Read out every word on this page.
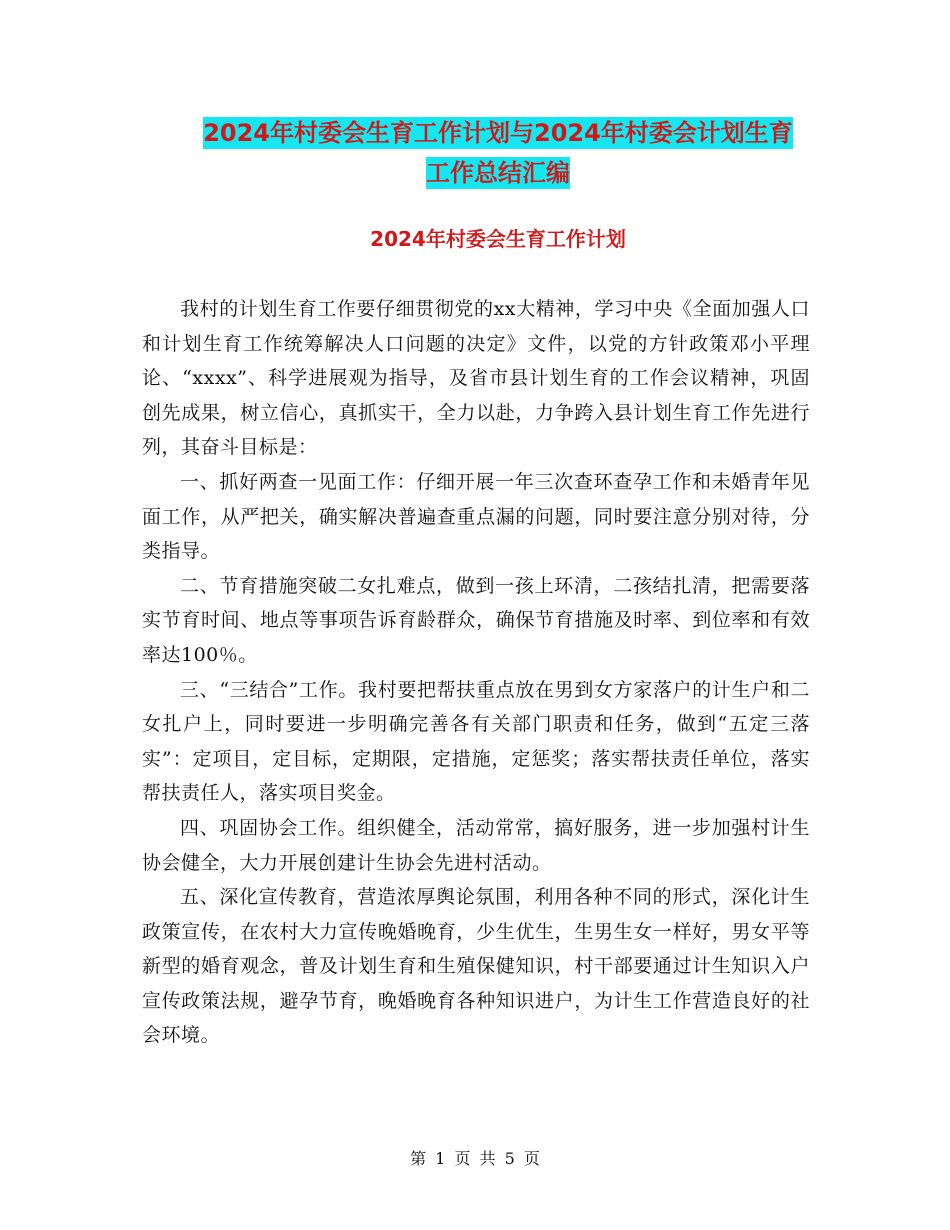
2024年村委会生育工作计划与2024年村委会计划生育
工作总结汇编
2024年村委会生育工作计划

我村的计划生育工作要仔细贯彻党的xx大精神，学习中央《全面加强人口和计划生育工作统筹解决人口问题的决定》文件，以党的方针政策邓小平理论、“xxxx”、科学进展观为指导，及省市县计划生育的工作会议精神，巩固创先成果，树立信心，真抓实干，全力以赴，力争跨入县计划生育工作先进行列，其奋斗目标是：

一、抓好两查一见面工作：仔细开展一年三次查环查孕工作和未婚青年见面工作，从严把关，确实解决普遍查重点漏的问题，同时要注意分别对待，分类指导。

二、节育措施突破二女扎难点，做到一孩上环清，二孩结扎清，把需要落实节育时间、地点等事项告诉育龄群众，确保节育措施及时率、到位率和有效率达100％。

三、“三结合”工作。我村要把帮扶重点放在男到女方家落户的计生户和二女扎户上，同时要进一步明确完善各有关部门职责和任务，做到“五定三落实”：定项目，定目标，定期限，定措施，定惩奖；落实帮扶责任单位，落实帮扶责任人，落实项目奖金。

四、巩固协会工作。组织健全，活动常常，搞好服务，进一步加强村计生协会健全，大力开展创建计生协会先进村活动。

五、深化宣传教育，营造浓厚舆论氛围，利用各种不同的形式，深化计生政策宣传，在农村大力宣传晚婚晚育，少生优生，生男生女一样好，男女平等新型的婚育观念，普及计划生育和生殖保健知识，村干部要通过计生知识入户宣传政策法规，避孕节育，晚婚晚育各种知识进户，为计生工作营造良好的社会环境。

第 1 页 共 5 页
